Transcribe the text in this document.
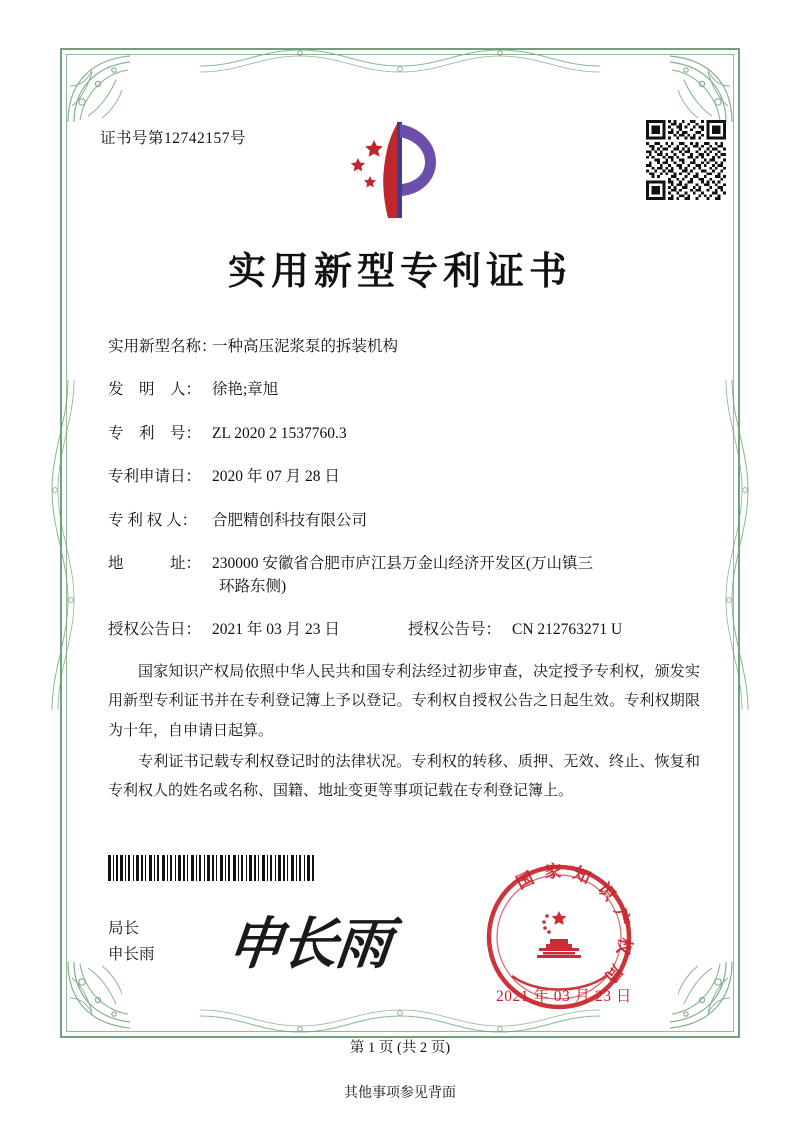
证书号第12742157号
实用新型专利证书
实用新型名称：
一种高压泥浆泵的拆装机构
发　明　人： 徐艳;章旭
专　利　号： ZL 2020 2 1537760.3
专利申请日： 2020 年 07 月 28 日
专 利 权 人： 合肥精创科技有限公司
地　　　址： 230000 安徽省合肥市庐江县万金山经济开发区(万山镇三
环路东侧)
授权公告日： 2021 年 03 月 23 日	授权公告号： CN 212763271 U

国家知识产权局依照中华人民共和国专利法经过初步审查，决定授予专利权，颁发实用新型专利证书并在专利登记簿上予以登记。专利权自授权公告之日起生效。专利权期限为十年，自申请日起算。

专利证书记载专利权登记时的法律状况。专利权的转移、质押、无效、终止、恢复和专利权人的姓名或名称、国籍、地址变更等事项记载在专利登记簿上。

局长
申长雨 申长雨
国家知识产权局
2021 年 03 月 23 日
第 1 页 (共 2 页)
其他事项参见背面
